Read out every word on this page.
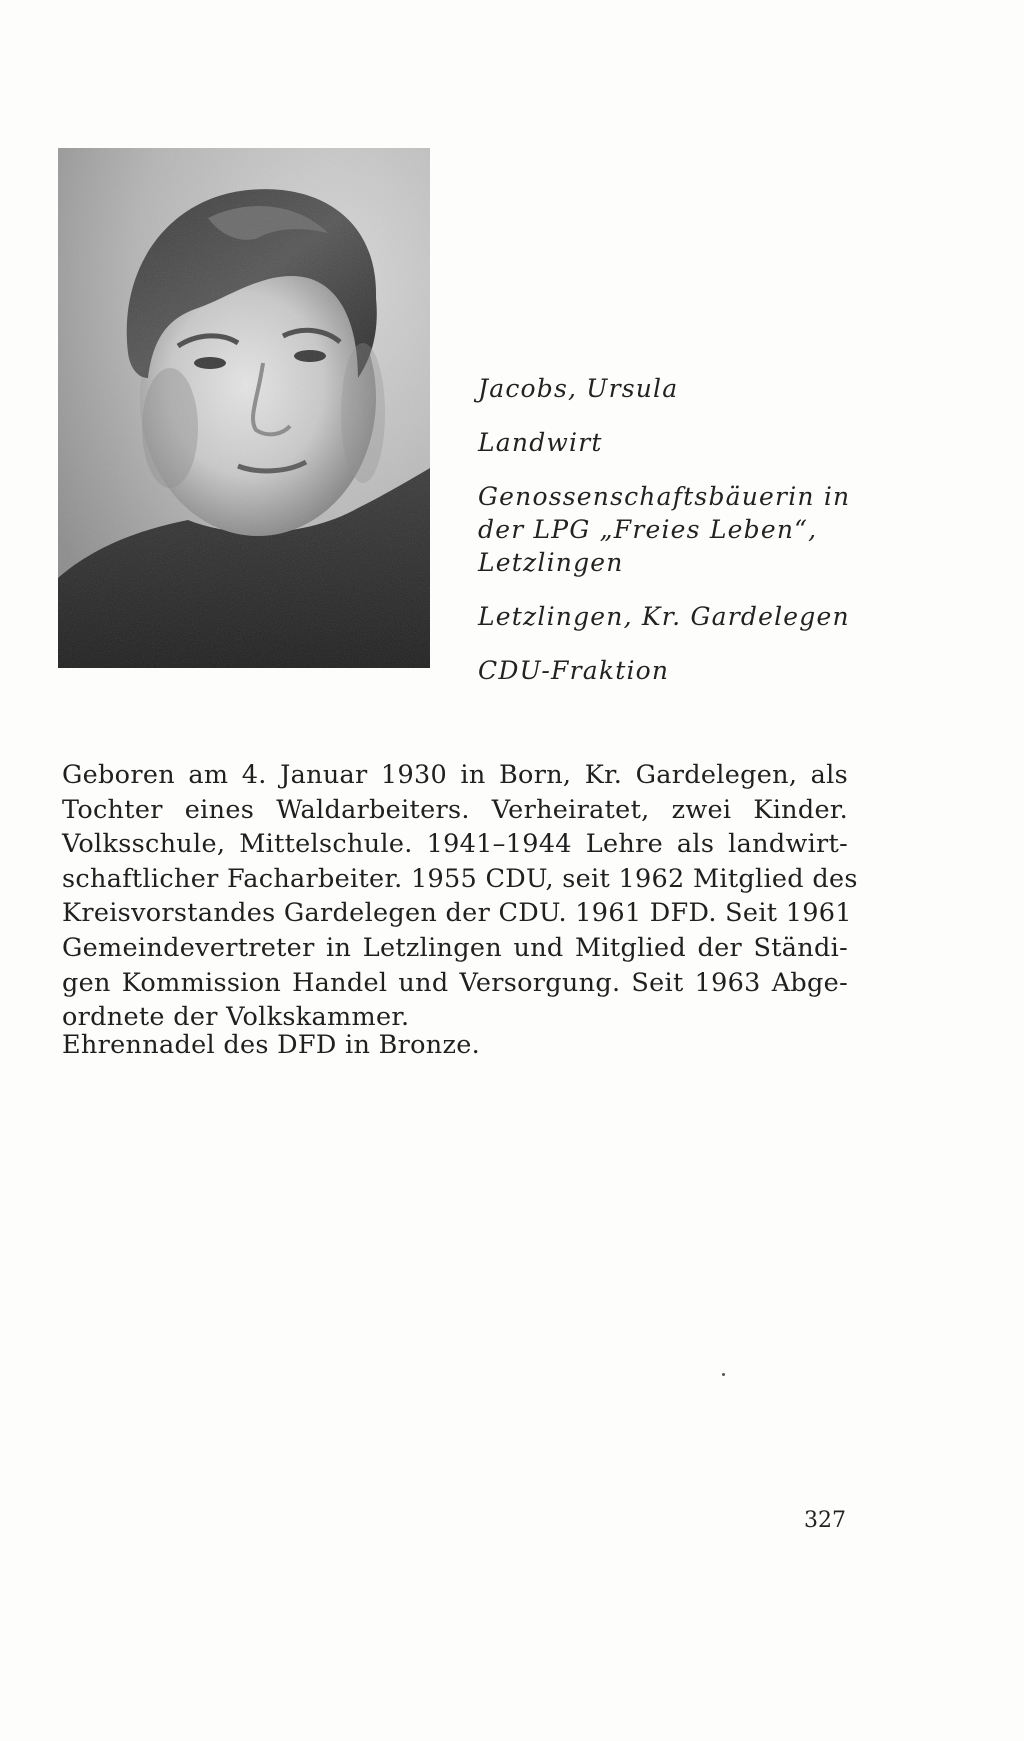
Jacobs, Ursula
Landwirt
Genossenschaftsbäuerin in
der LPG „Freies Leben“,
Letzlingen
Letzlingen, Kr. Gardelegen
CDU-Fraktion
Geboren am 4. Januar 1930 in Born, Kr. Gardelegen, als
Tochter eines Waldarbeiters. Verheiratet, zwei Kinder.
Volksschule, Mittelschule. 1941–1944 Lehre als landwirt-
schaftlicher Facharbeiter. 1955 CDU, seit 1962 Mitglied des
Kreisvorstandes Gardelegen der CDU. 1961 DFD. Seit 1961
Gemeindevertreter in Letzlingen und Mitglied der Ständi-
gen Kommission Handel und Versorgung. Seit 1963 Abge-
ordnete der Volkskammer.
Ehrennadel des DFD in Bronze.
327
